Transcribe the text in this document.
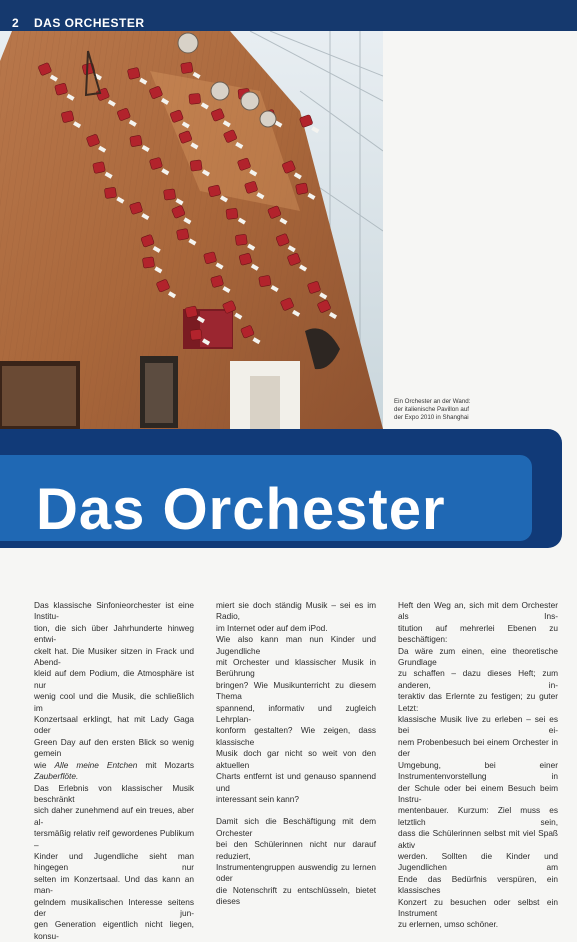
2 DAS ORCHESTER
Ein Orchester an der Wand:
der italienische Pavillon auf
der Expo 2010 in Shanghai
Das Orchester
Das klassische Sinfonieorchester ist eine Institu-
tion, die sich über Jahrhunderte hinweg entwi-
ckelt hat. Die Musiker sitzen in Frack und Abend-
kleid auf dem Podium, die Atmosphäre ist nur
wenig cool und die Musik, die schließlich im
Konzertsaal erklingt, hat mit Lady Gaga oder
Green Day auf den ersten Blick so wenig gemein
wie Alle meine Entchen mit Mozarts Zauberflöte.
Das Erlebnis von klassischer Musik beschränkt
sich daher zunehmend auf ein treues, aber al-
tersmäßig relativ reif gewordenes Publikum –
Kinder und Jugendliche sieht man hingegen nur
selten im Konzertsaal. Und das kann an man-
gelndem musikalischen Interesse seitens der jun-
gen Generation eigentlich nicht liegen, konsu-
miert sie doch ständig Musik – sei es im Radio,
im Internet oder auf dem iPod.
Wie also kann man nun Kinder und Jugendliche
mit Orchester und klassischer Musik in Berührung
bringen? Wie Musikunterricht zu diesem Thema
spannend, informativ und zugleich Lehrplan-
konform gestalten? Wie zeigen, dass klassische
Musik doch gar nicht so weit von den aktuellen
Charts entfernt ist und genauso spannend und
interessant sein kann?
Damit sich die Beschäftigung mit dem Orchester
bei den Schülerinnen nicht nur darauf reduziert,
Instrumentengruppen auswendig zu lernen oder
die Notenschrift zu entschlüsseln, bietet dieses
Heft den Weg an, sich mit dem Orchester als Ins-
titution auf mehrerlei Ebenen zu beschäftigen:
Da wäre zum einen, eine theoretische Grundlage
zu schaffen – dazu dieses Heft; zum anderen, in-
teraktiv das Erlernte zu festigen; zu guter Letzt:
klassische Musik live zu erleben – sei es bei ei-
nem Probenbesuch bei einem Orchester in der
Umgebung, bei einer Instrumentenvorstellung in
der Schule oder bei einem Besuch beim Instru-
mentenbauer. Kurzum: Ziel muss es letztlich sein,
dass die Schülerinnen selbst mit viel Spaß aktiv
werden. Sollten die Kinder und Jugendlichen am
Ende das Bedürfnis verspüren, ein klassisches
Konzert zu besuchen oder selbst ein Instrument
zu erlernen, umso schöner.
